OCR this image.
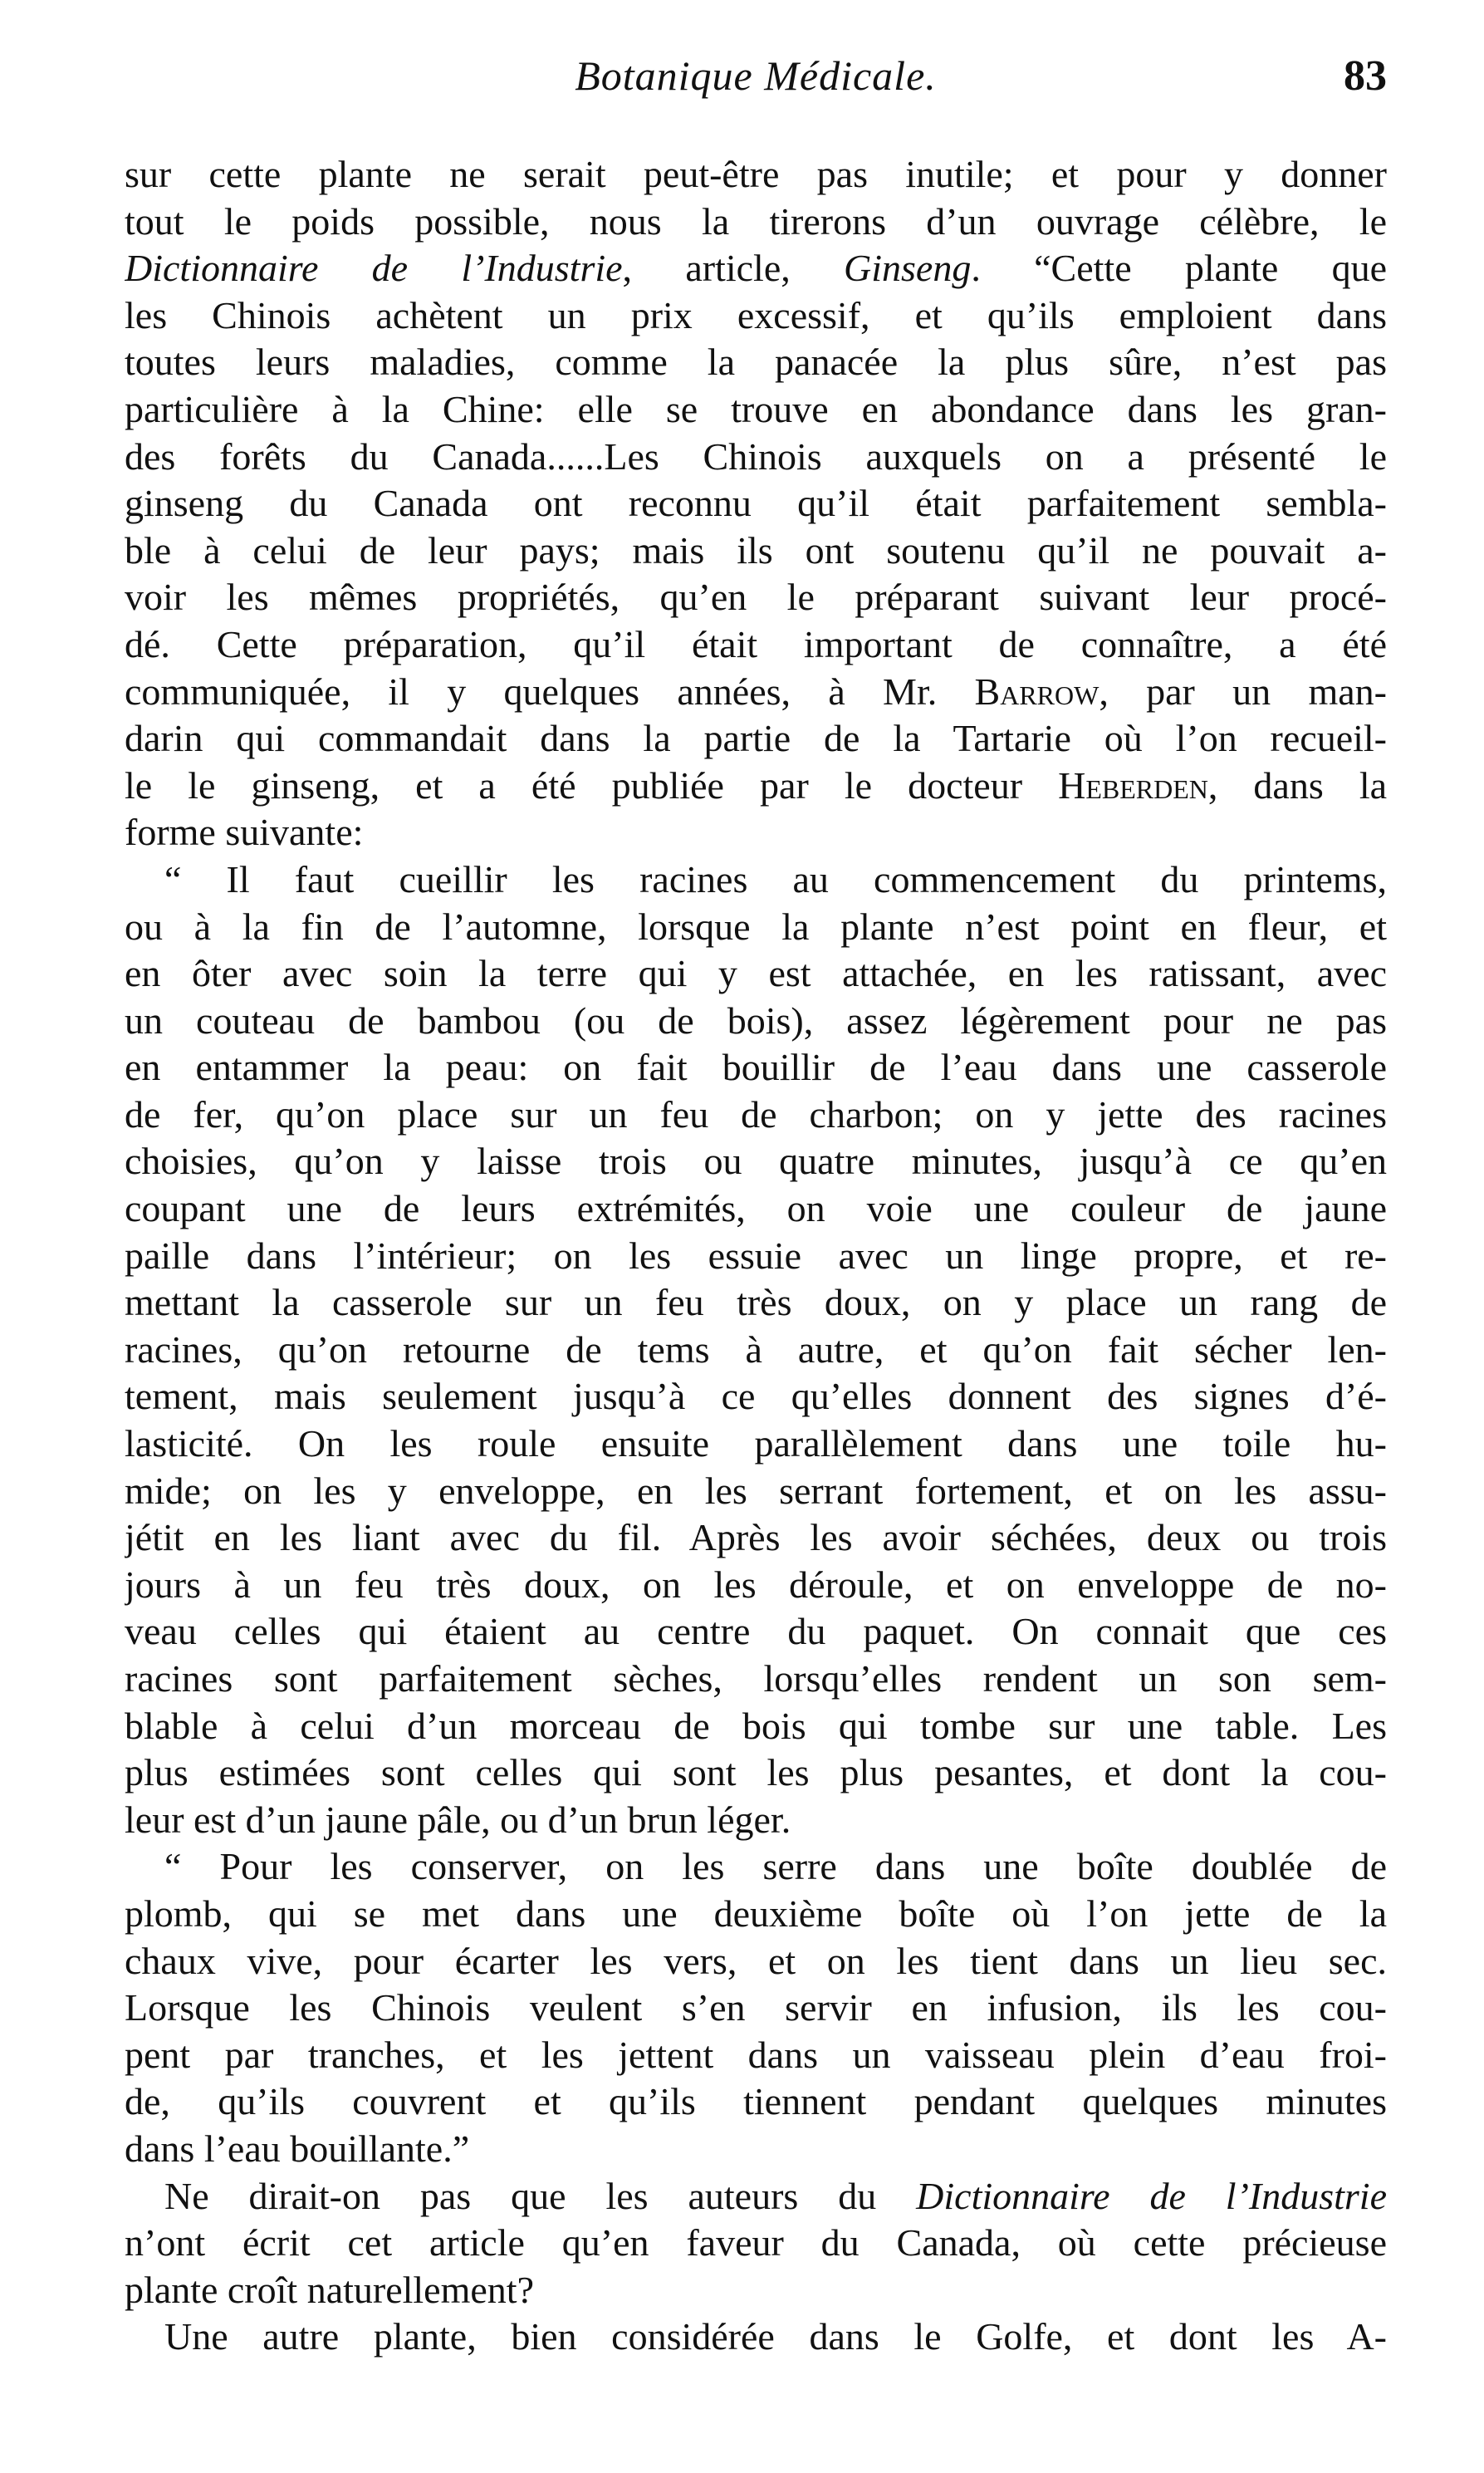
Botanique Médicale.	83
sur cette plante ne serait peut-être pas inutile; et pour y donner
tout le poids possible, nous la tirerons d’un ouvrage célèbre, le
Dictionnaire de l’Industrie, article, Ginseng. “Cette plante que
les Chinois achètent un prix excessif, et qu’ils emploient dans
toutes leurs maladies, comme la panacée la plus sûre, n’est pas
particulière à la Chine: elle se trouve en abondance dans les gran-
des forêts du Canada......Les Chinois auxquels on a présenté le
ginseng du Canada ont reconnu qu’il était parfaitement sembla-
ble à celui de leur pays; mais ils ont soutenu qu’il ne pouvait a-
voir les mêmes propriétés, qu’en le préparant suivant leur procé-
dé. Cette préparation, qu’il était important de connaître, a été
communiquée, il y quelques années, à Mr. Barrow, par un man-
darin qui commandait dans la partie de la Tartarie où l’on recueil-
le le ginseng, et a été publiée par le docteur Heberden, dans la
forme suivante:
“ Il faut cueillir les racines au commencement du printems,
ou à la fin de l’automne, lorsque la plante n’est point en fleur, et
en ôter avec soin la terre qui y est attachée, en les ratissant, avec
un couteau de bambou (ou de bois), assez légèrement pour ne pas
en entammer la peau: on fait bouillir de l’eau dans une casserole
de fer, qu’on place sur un feu de charbon; on y jette des racines
choisies, qu’on y laisse trois ou quatre minutes, jusqu’à ce qu’en
coupant une de leurs extrémités, on voie une couleur de jaune
paille dans l’intérieur; on les essuie avec un linge propre, et re-
mettant la casserole sur un feu très doux, on y place un rang de
racines, qu’on retourne de tems à autre, et qu’on fait sécher len-
tement, mais seulement jusqu’à ce qu’elles donnent des signes d’é-
lasticité. On les roule ensuite parallèlement dans une toile hu-
mide; on les y enveloppe, en les serrant fortement, et on les assu-
jétit en les liant avec du fil. Après les avoir séchées, deux ou trois
jours à un feu très doux, on les déroule, et on enveloppe de no-
veau celles qui étaient au centre du paquet. On connait que ces
racines sont parfaitement sèches, lorsqu’elles rendent un son sem-
blable à celui d’un morceau de bois qui tombe sur une table. Les
plus estimées sont celles qui sont les plus pesantes, et dont la cou-
leur est d’un jaune pâle, ou d’un brun léger.
“ Pour les conserver, on les serre dans une boîte doublée de
plomb, qui se met dans une deuxième boîte où l’on jette de la
chaux vive, pour écarter les vers, et on les tient dans un lieu sec.
Lorsque les Chinois veulent s’en servir en infusion, ils les cou-
pent par tranches, et les jettent dans un vaisseau plein d’eau froi-
de, qu’ils couvrent et qu’ils tiennent pendant quelques minutes
dans l’eau bouillante.”
Ne dirait-on pas que les auteurs du Dictionnaire de l’Industrie
n’ont écrit cet article qu’en faveur du Canada, où cette précieuse
plante croît naturellement?
Une autre plante, bien considérée dans le Golfe, et dont les A-
